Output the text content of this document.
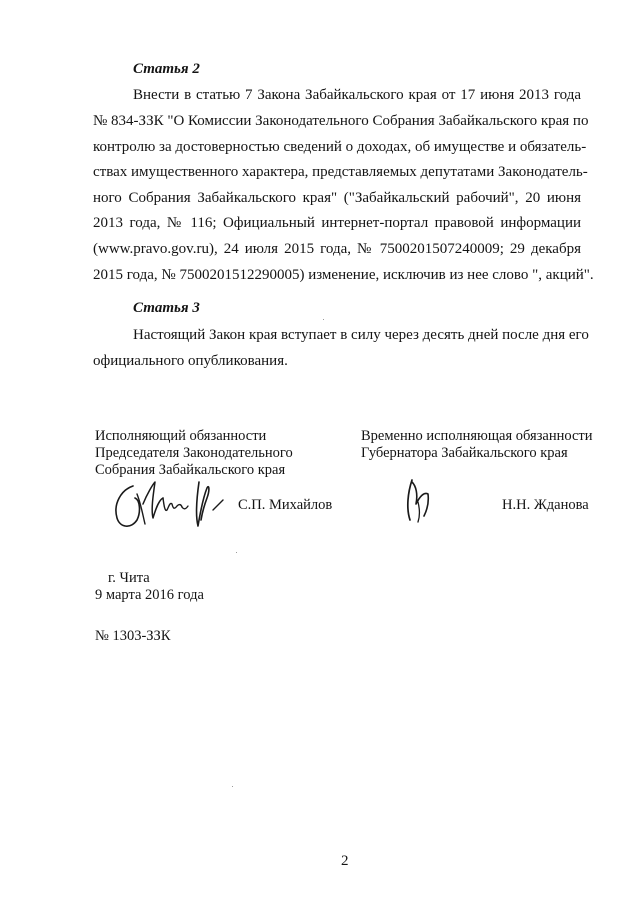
Статья 2
Внести в статью 7 Закона Забайкальского края от 17 июня 2013 года
№ 834-ЗЗК "О Комиссии Законодательного Собрания Забайкальского края по
контролю за достоверностью сведений о доходах, об имуществе и обязатель-
ствах имущественного характера, представляемых депутатами Законодатель-
ного Собрания Забайкальского края" ("Забайкальский рабочий", 20 июня
2013 года, № 116; Официальный интернет-портал правовой информации
(www.pravo.gov.ru), 24 июля 2015 года, № 7500201507240009; 29 декабря
2015 года, № 7500201512290005) изменение, исключив из нее слово ", акций".
Статья 3
Настоящий Закон края вступает в силу через десять дней после дня его
официального опубликования.
Исполняющий обязанности
Председателя Законодательного
Собрания Забайкальского края
С.П. Михайлов
Временно исполняющая обязанности
Губернатора Забайкальского края
Н.Н. Жданова
г. Чита
9 марта 2016 года
№ 1303-ЗЗК
2
